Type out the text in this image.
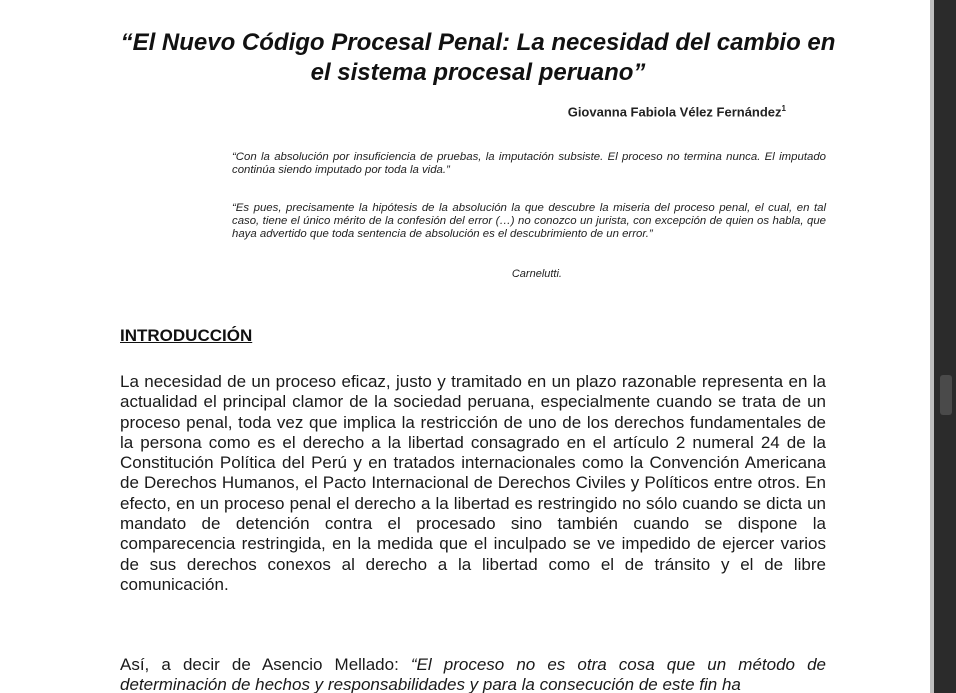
“El Nuevo Código Procesal Penal: La necesidad del cambio en el sistema procesal peruano”
Giovanna Fabiola Vélez Fernández$^1$
“Con la absolución por insuficiencia de pruebas, la imputación subsiste. El proceso no termina nunca. El imputado continúa siendo imputado por toda la vida.”
“Es pues, precisamente la hipótesis de la absolución la que descubre la miseria del proceso penal, el cual, en tal caso, tiene el único mérito de la confesión del error (…) no conozco un jurista, con excepción de quien os habla, que haya advertido que toda sentencia de absolución es el descubrimiento de un error.”
Carnelutti.
INTRODUCCIÓN
La necesidad de un proceso eficaz, justo y tramitado en un plazo razonable representa en la actualidad el principal clamor de la sociedad peruana, especialmente cuando se trata de un proceso penal, toda vez que implica la restricción de uno de los derechos fundamentales de la persona como es el derecho a la libertad consagrado en el artículo 2 numeral 24 de la Constitución Política del Perú y en tratados internacionales como la Convención Americana de Derechos Humanos, el Pacto Internacional de Derechos Civiles y Políticos entre otros. En efecto, en un proceso penal el derecho a la libertad es restringido no sólo cuando se dicta un mandato de detención contra el procesado sino también cuando se dispone la comparecencia restringida, en la medida que el inculpado se ve impedido de ejercer varios de sus derechos conexos al derecho a la libertad como el de tránsito y el de libre comunicación.
Así, a decir de Asencio Mellado: “El proceso no es otra cosa que un método de determinación de hechos y responsabilidades y para la consecución de este fin ha
